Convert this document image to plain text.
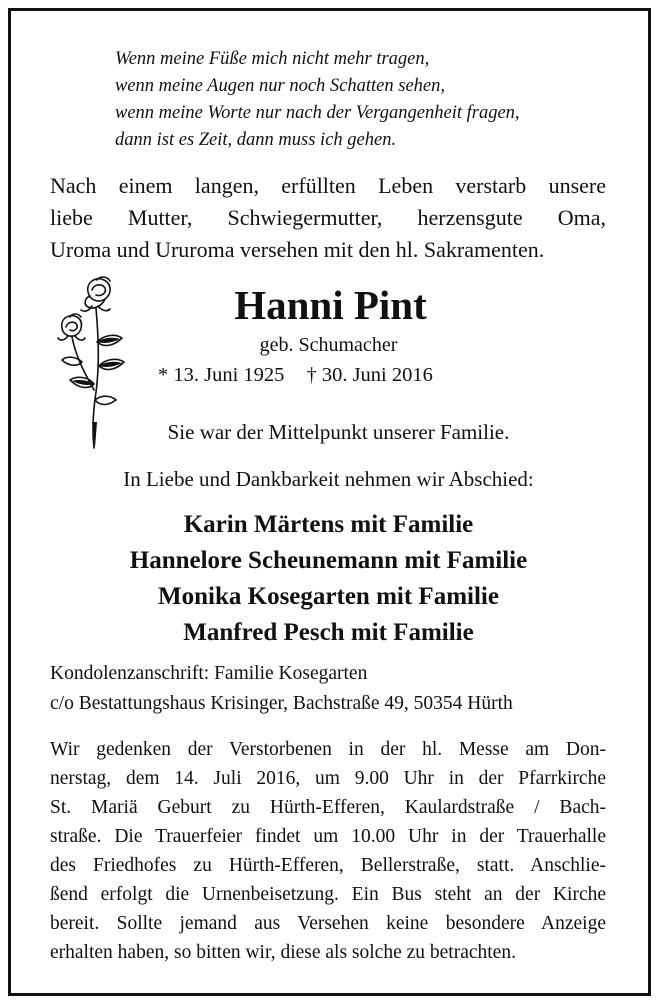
Wenn meine Füße mich nicht mehr tragen,
wenn meine Augen nur noch Schatten sehen,
wenn meine Worte nur nach der Vergangenheit fragen,
dann ist es Zeit, dann muss ich gehen.
Nach einem langen, erfüllten Leben verstarb unsere
liebe Mutter, Schwiegermutter, herzensgute Oma,
Uroma und Ururoma versehen mit den hl. Sakramenten.
Hanni Pint
geb. Schumacher
* 13. Juni 1925 † 30. Juni 2016
Sie war der Mittelpunkt unserer Familie.
In Liebe und Dankbarkeit nehmen wir Abschied:
Karin Märtens mit Familie
Hannelore Scheunemann mit Familie
Monika Kosegarten mit Familie
Manfred Pesch mit Familie
Kondolenzanschrift: Familie Kosegarten
c/o Bestattungshaus Krisinger, Bachstraße 49, 50354 Hürth
Wir gedenken der Verstorbenen in der hl. Messe am Don-
nerstag, dem 14. Juli 2016, um 9.00 Uhr in der Pfarrkirche
St. Mariä Geburt zu Hürth-Efferen, Kaulardstraße / Bach-
straße. Die Trauerfeier findet um 10.00 Uhr in der Trauerhalle
des Friedhofes zu Hürth-Efferen, Bellerstraße, statt. Anschlie-
ßend erfolgt die Urnenbeisetzung. Ein Bus steht an der Kirche
bereit. Sollte jemand aus Versehen keine besondere Anzeige
erhalten haben, so bitten wir, diese als solche zu betrachten.
